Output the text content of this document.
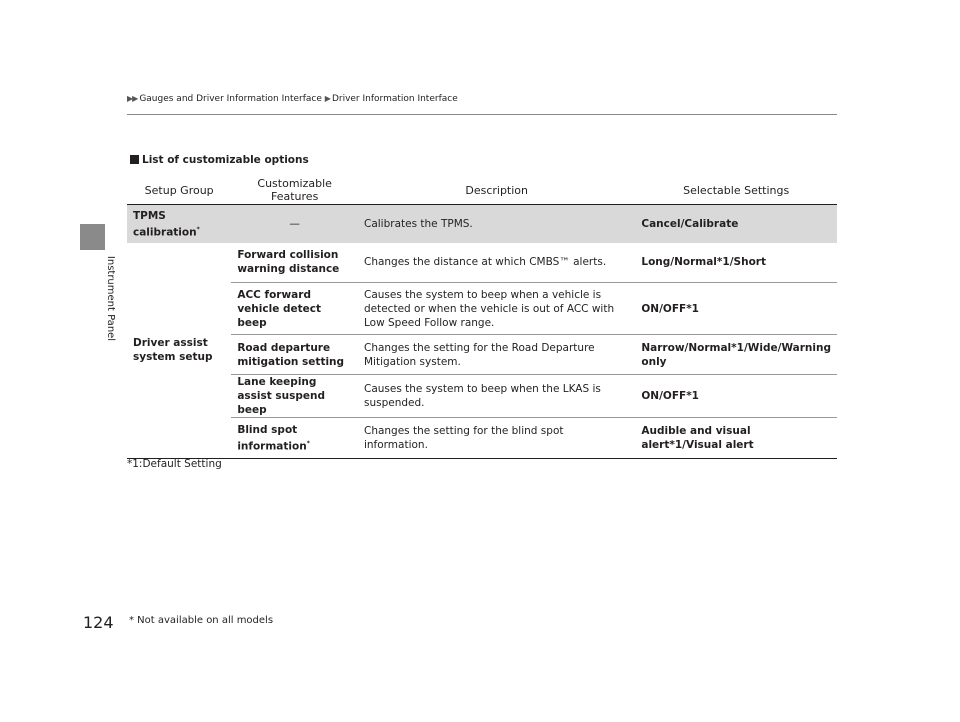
Instrument Panel
▶▶ Gauges and Driver Information Interface ▶ Driver Information Interface
List of customizable options
Setup Group	Customizable Features	Description	Selectable Settings
TPMS calibration*	—	Calibrates the TPMS.	Cancel/Calibrate
Driver assist system setup	Forward collision warning distance	Changes the distance at which CMBS™ alerts.	Long/Normal*1/Short
	ACC forward vehicle detect beep	Causes the system to beep when a vehicle is detected or when the vehicle is out of ACC with Low Speed Follow range.	ON/OFF*1
	Road departure mitigation setting	Changes the setting for the Road Departure Mitigation system.	Narrow/Normal*1/Wide/Warning only
	Lane keeping assist suspend beep	Causes the system to beep when the LKAS is suspended.	ON/OFF*1
	Blind spot information*	Changes the setting for the blind spot information.	Audible and visual alert*1/Visual alert

*1:Default Setting
124 * Not available on all models
